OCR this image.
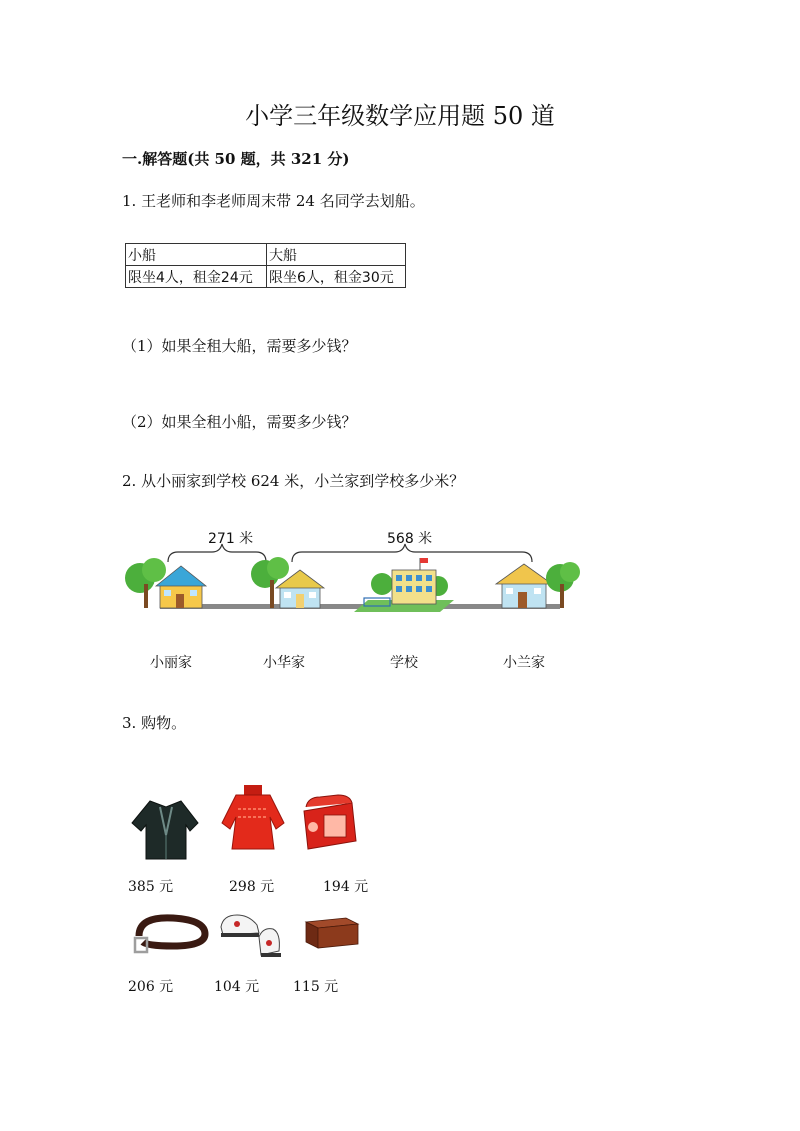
小学三年级数学应用题 50 道
一.解答题(共 50 题，共 321 分)
1. 王老师和李老师周末带 24 名同学去划船。
小船	大船
限坐4人，租金24元	限坐6人，租金30元
（1）如果全租大船，需要多少钱？
（2）如果全租小船，需要多少钱？
2. 从小丽家到学校 624 米，小兰家到学校多少米？
271 米	568 米
小丽家	小华家	学校	小兰家
3. 购物。
385 元	298 元	194 元
206 元	104 元 115 元
